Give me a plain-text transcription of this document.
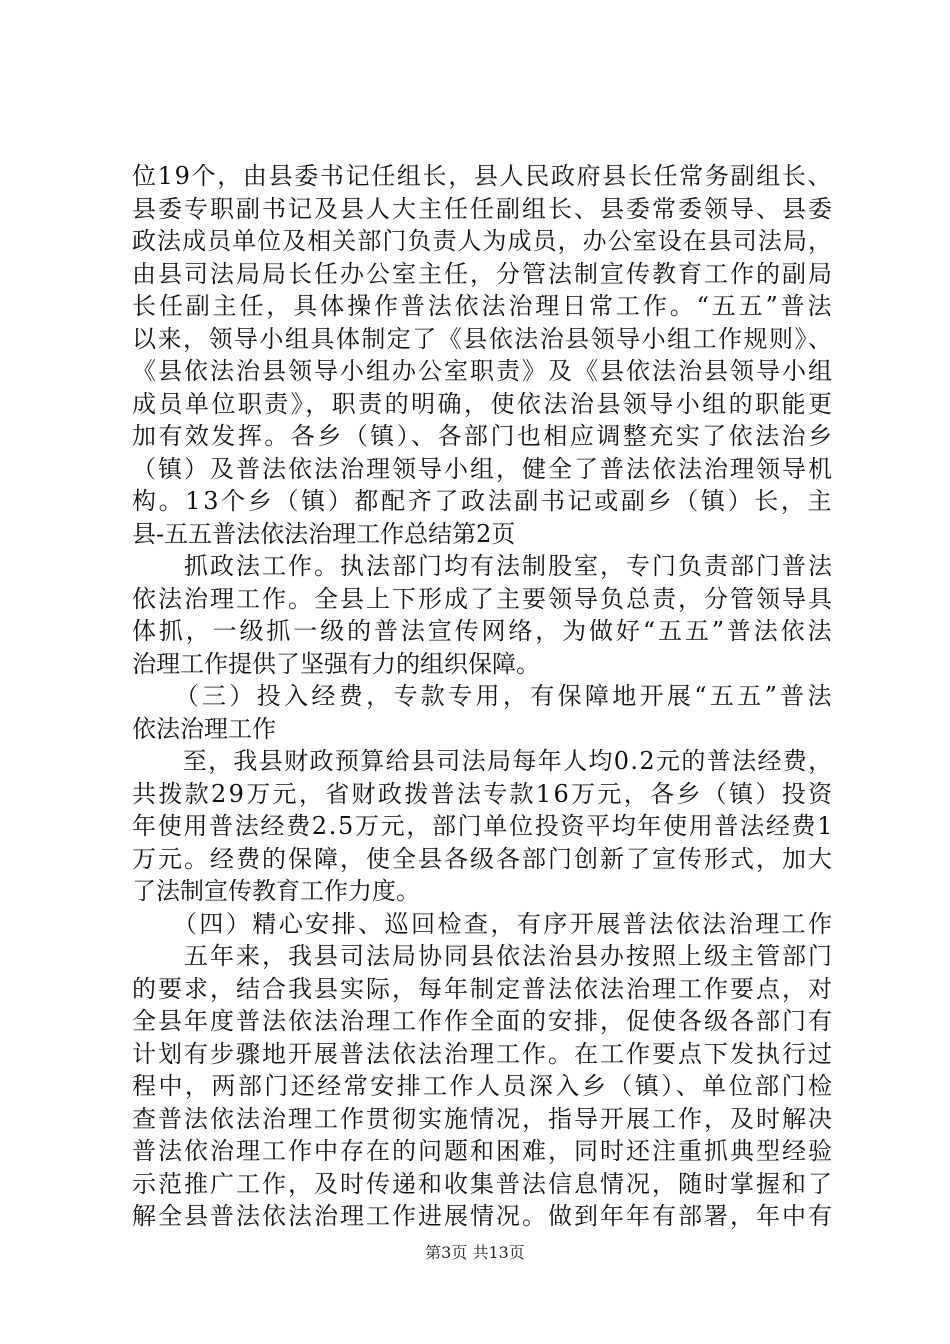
位19个，由县委书记任组长，县人民政府县长任常务副组长、
县委专职副书记及县人大主任任副组长、县委常委领导、县委
政法成员单位及相关部门负责人为成员，办公室设在县司法局，
由县司法局局长任办公室主任，分管法制宣传教育工作的副局
长任副主任，具体操作普法依法治理日常工作。“五五”普法
以来，领导小组具体制定了《县依法治县领导小组工作规则》、
《县依法治县领导小组办公室职责》及《县依法治县领导小组
成员单位职责》，职责的明确，使依法治县领导小组的职能更
加有效发挥。各乡（镇）、各部门也相应调整充实了依法治乡
（镇）及普法依法治理领导小组，健全了普法依法治理领导机
构。13个乡（镇）都配齐了政法副书记或副乡（镇）长，主
县-五五普法依法治理工作总结第2页
　　抓政法工作。执法部门均有法制股室，专门负责部门普法
依法治理工作。全县上下形成了主要领导负总责，分管领导具
体抓，一级抓一级的普法宣传网络，为做好“五五”普法依法
治理工作提供了坚强有力的组织保障。
　　（三）投入经费，专款专用，有保障地开展“五五”普法
依法治理工作
　　至，我县财政预算给县司法局每年人均0.2元的普法经费，
共拨款29万元，省财政拨普法专款16万元，各乡（镇）投资
年使用普法经费2.5万元，部门单位投资平均年使用普法经费1
万元。经费的保障，使全县各级各部门创新了宣传形式，加大
了法制宣传教育工作力度。
　　（四）精心安排、巡回检查，有序开展普法依法治理工作
　　五年来，我县司法局协同县依法治县办按照上级主管部门
的要求，结合我县实际，每年制定普法依法治理工作要点，对
全县年度普法依法治理工作作全面的安排，促使各级各部门有
计划有步骤地开展普法依法治理工作。在工作要点下发执行过
程中，两部门还经常安排工作人员深入乡（镇）、单位部门检
查普法依法治理工作贯彻实施情况，指导开展工作，及时解决
普法依治理工作中存在的问题和困难，同时还注重抓典型经验
示范推广工作，及时传递和收集普法信息情况，随时掌握和了
解全县普法依法治理工作进展情况。做到年年有部署，年中有
第3页 共13页
